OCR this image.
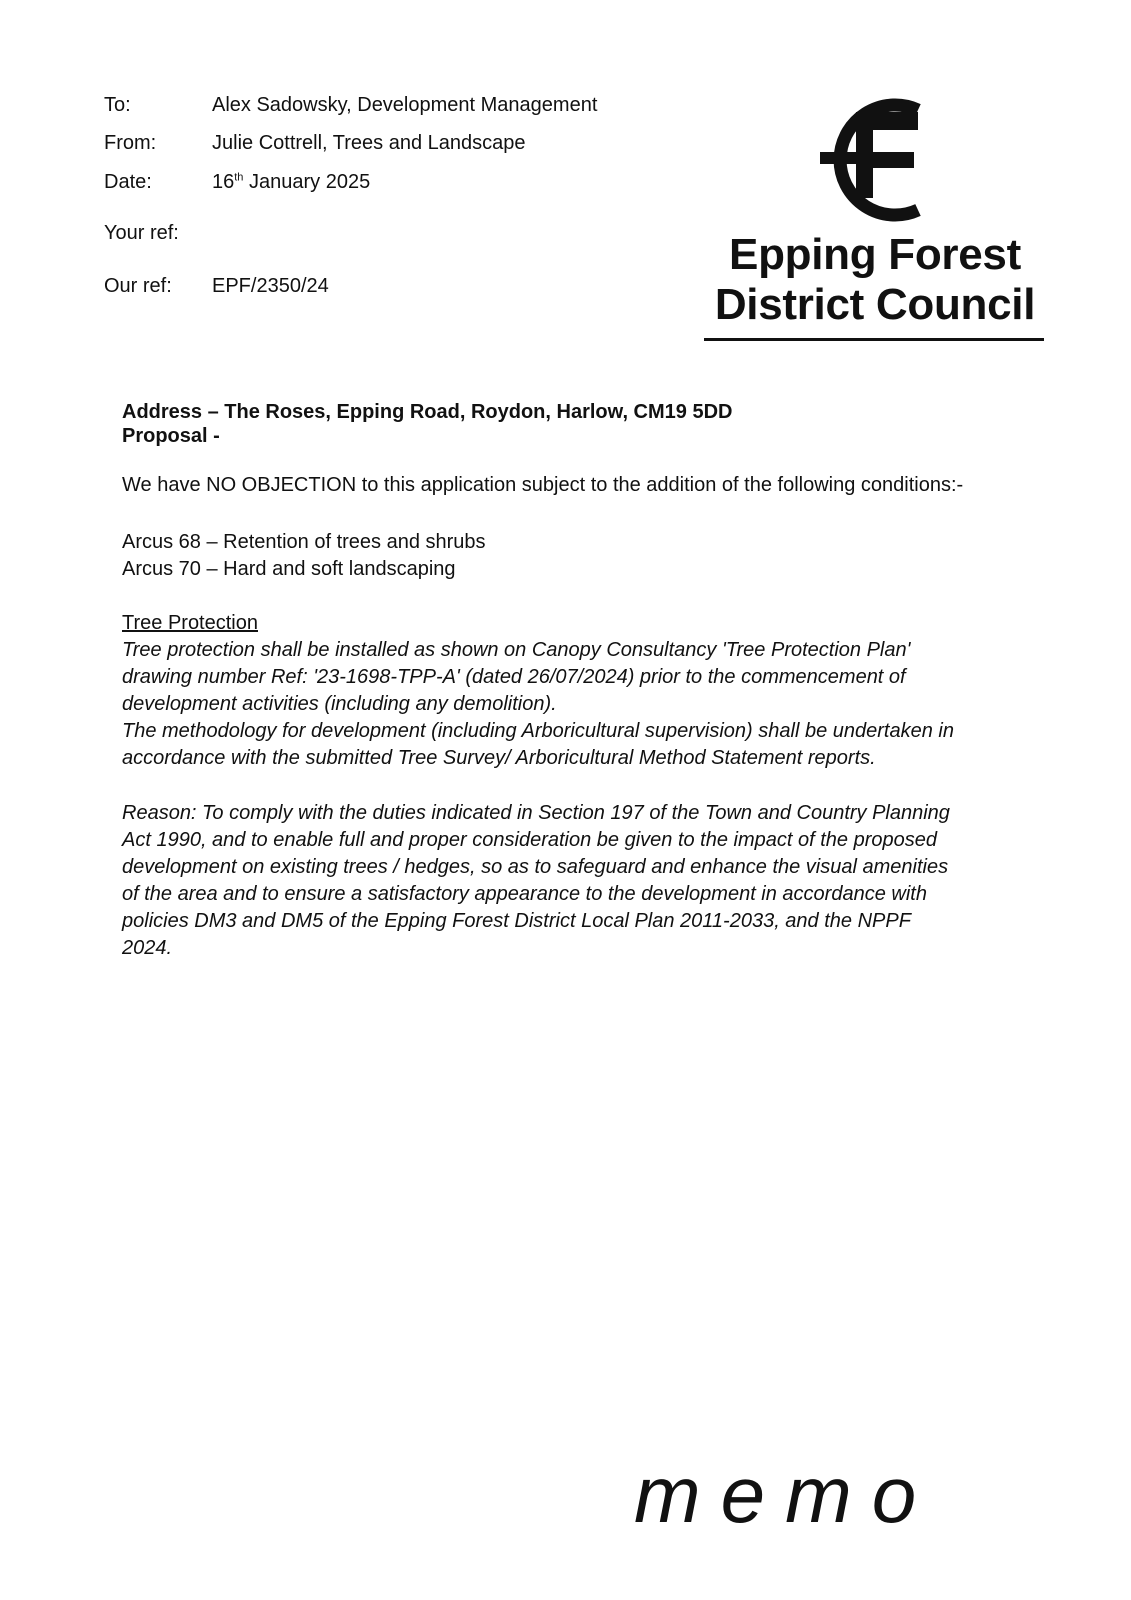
To:	Alex Sadowsky, Development Management
From:	Julie Cottrell, Trees and Landscape
Date:	16th January 2025
Your ref:
Our ref: EPF/2350/24
Epping Forest
District Council
Address – The Roses, Epping Road, Roydon, Harlow, CM19 5DD
Proposal -
We have NO OBJECTION to this application subject to the addition of the following conditions:-
Arcus 68 – Retention of trees and shrubs
Arcus 70 – Hard and soft landscaping
Tree Protection
Tree protection shall be installed as shown on Canopy Consultancy 'Tree Protection Plan'
drawing number Ref: '23-1698-TPP-A' (dated 26/07/2024) prior to the commencement of
development activities (including any demolition).
The methodology for development (including Arboricultural supervision) shall be undertaken in
accordance with the submitted Tree Survey/ Arboricultural Method Statement reports.
Reason: To comply with the duties indicated in Section 197 of the Town and Country Planning
Act 1990, and to enable full and proper consideration be given to the impact of the proposed
development on existing trees / hedges, so as to safeguard and enhance the visual amenities
of the area and to ensure a satisfactory appearance to the development in accordance with
policies DM3 and DM5 of the Epping Forest District Local Plan 2011-2033, and the NPPF
2024.
memo
